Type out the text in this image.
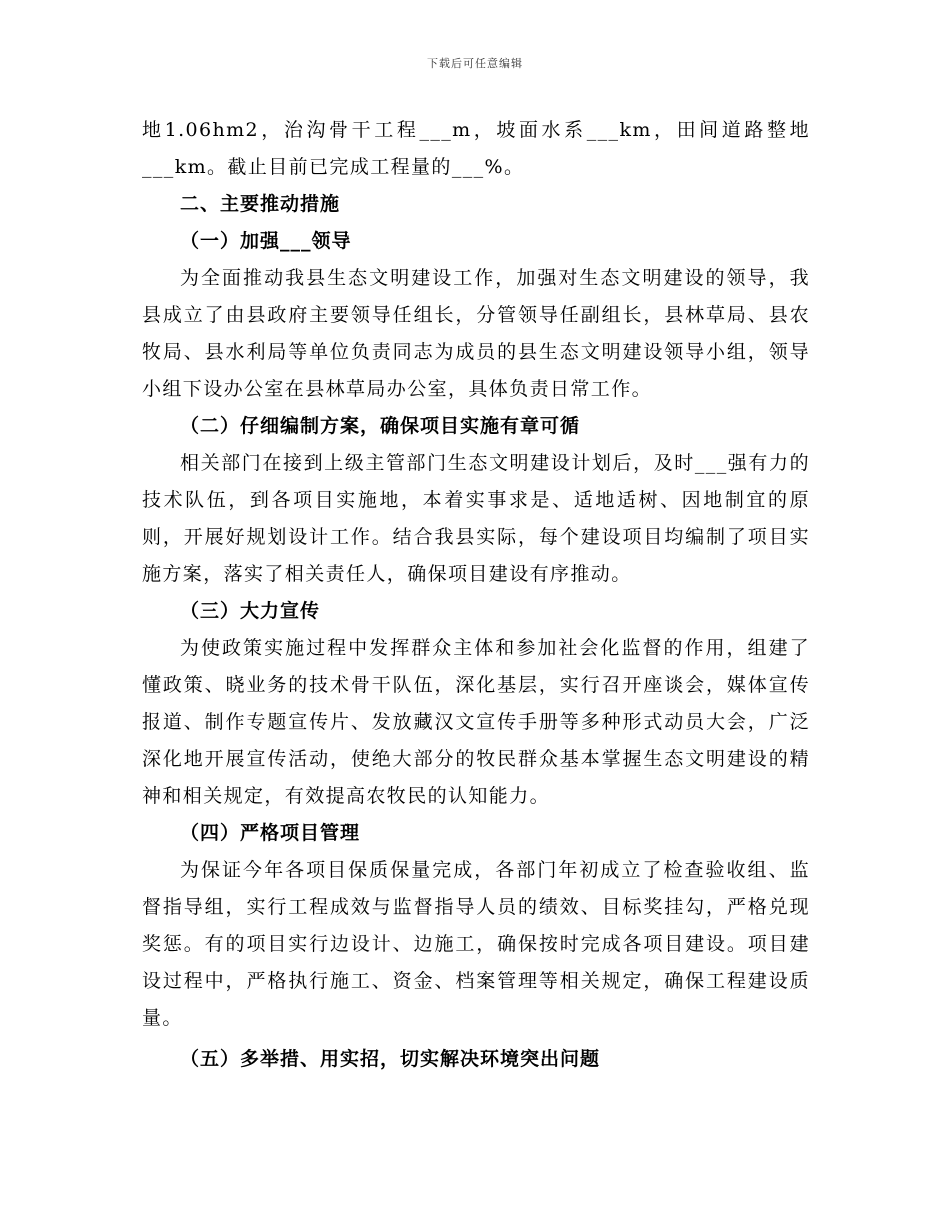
下载后可任意编辑

地1.06hm2，治沟骨干工程___m，坡面水系___km，田间道路整地___km。截止目前已完成工程量的___%。

二、主要推动措施

（一）加强___领导

为全面推动我县生态文明建设工作，加强对生态文明建设的领导，我县成立了由县政府主要领导任组长，分管领导任副组长，县林草局、县农牧局、县水利局等单位负责同志为成员的县生态文明建设领导小组，领导小组下设办公室在县林草局办公室，具体负责日常工作。

（二）仔细编制方案，确保项目实施有章可循

相关部门在接到上级主管部门生态文明建设计划后，及时___强有力的技术队伍，到各项目实施地，本着实事求是、适地适树、因地制宜的原则，开展好规划设计工作。结合我县实际，每个建设项目均编制了项目实施方案，落实了相关责任人，确保项目建设有序推动。

（三）大力宣传

为使政策实施过程中发挥群众主体和参加社会化监督的作用，组建了懂政策、晓业务的技术骨干队伍，深化基层，实行召开座谈会，媒体宣传报道、制作专题宣传片、发放藏汉文宣传手册等多种形式动员大会，广泛深化地开展宣传活动，使绝大部分的牧民群众基本掌握生态文明建设的精神和相关规定，有效提高农牧民的认知能力。

（四）严格项目管理

为保证今年各项目保质保量完成，各部门年初成立了检查验收组、监督指导组，实行工程成效与监督指导人员的绩效、目标奖挂勾，严格兑现奖惩。有的项目实行边设计、边施工，确保按时完成各项目建设。项目建设过程中，严格执行施工、资金、档案管理等相关规定，确保工程建设质量。

（五）多举措、用实招，切实解决环境突出问题
